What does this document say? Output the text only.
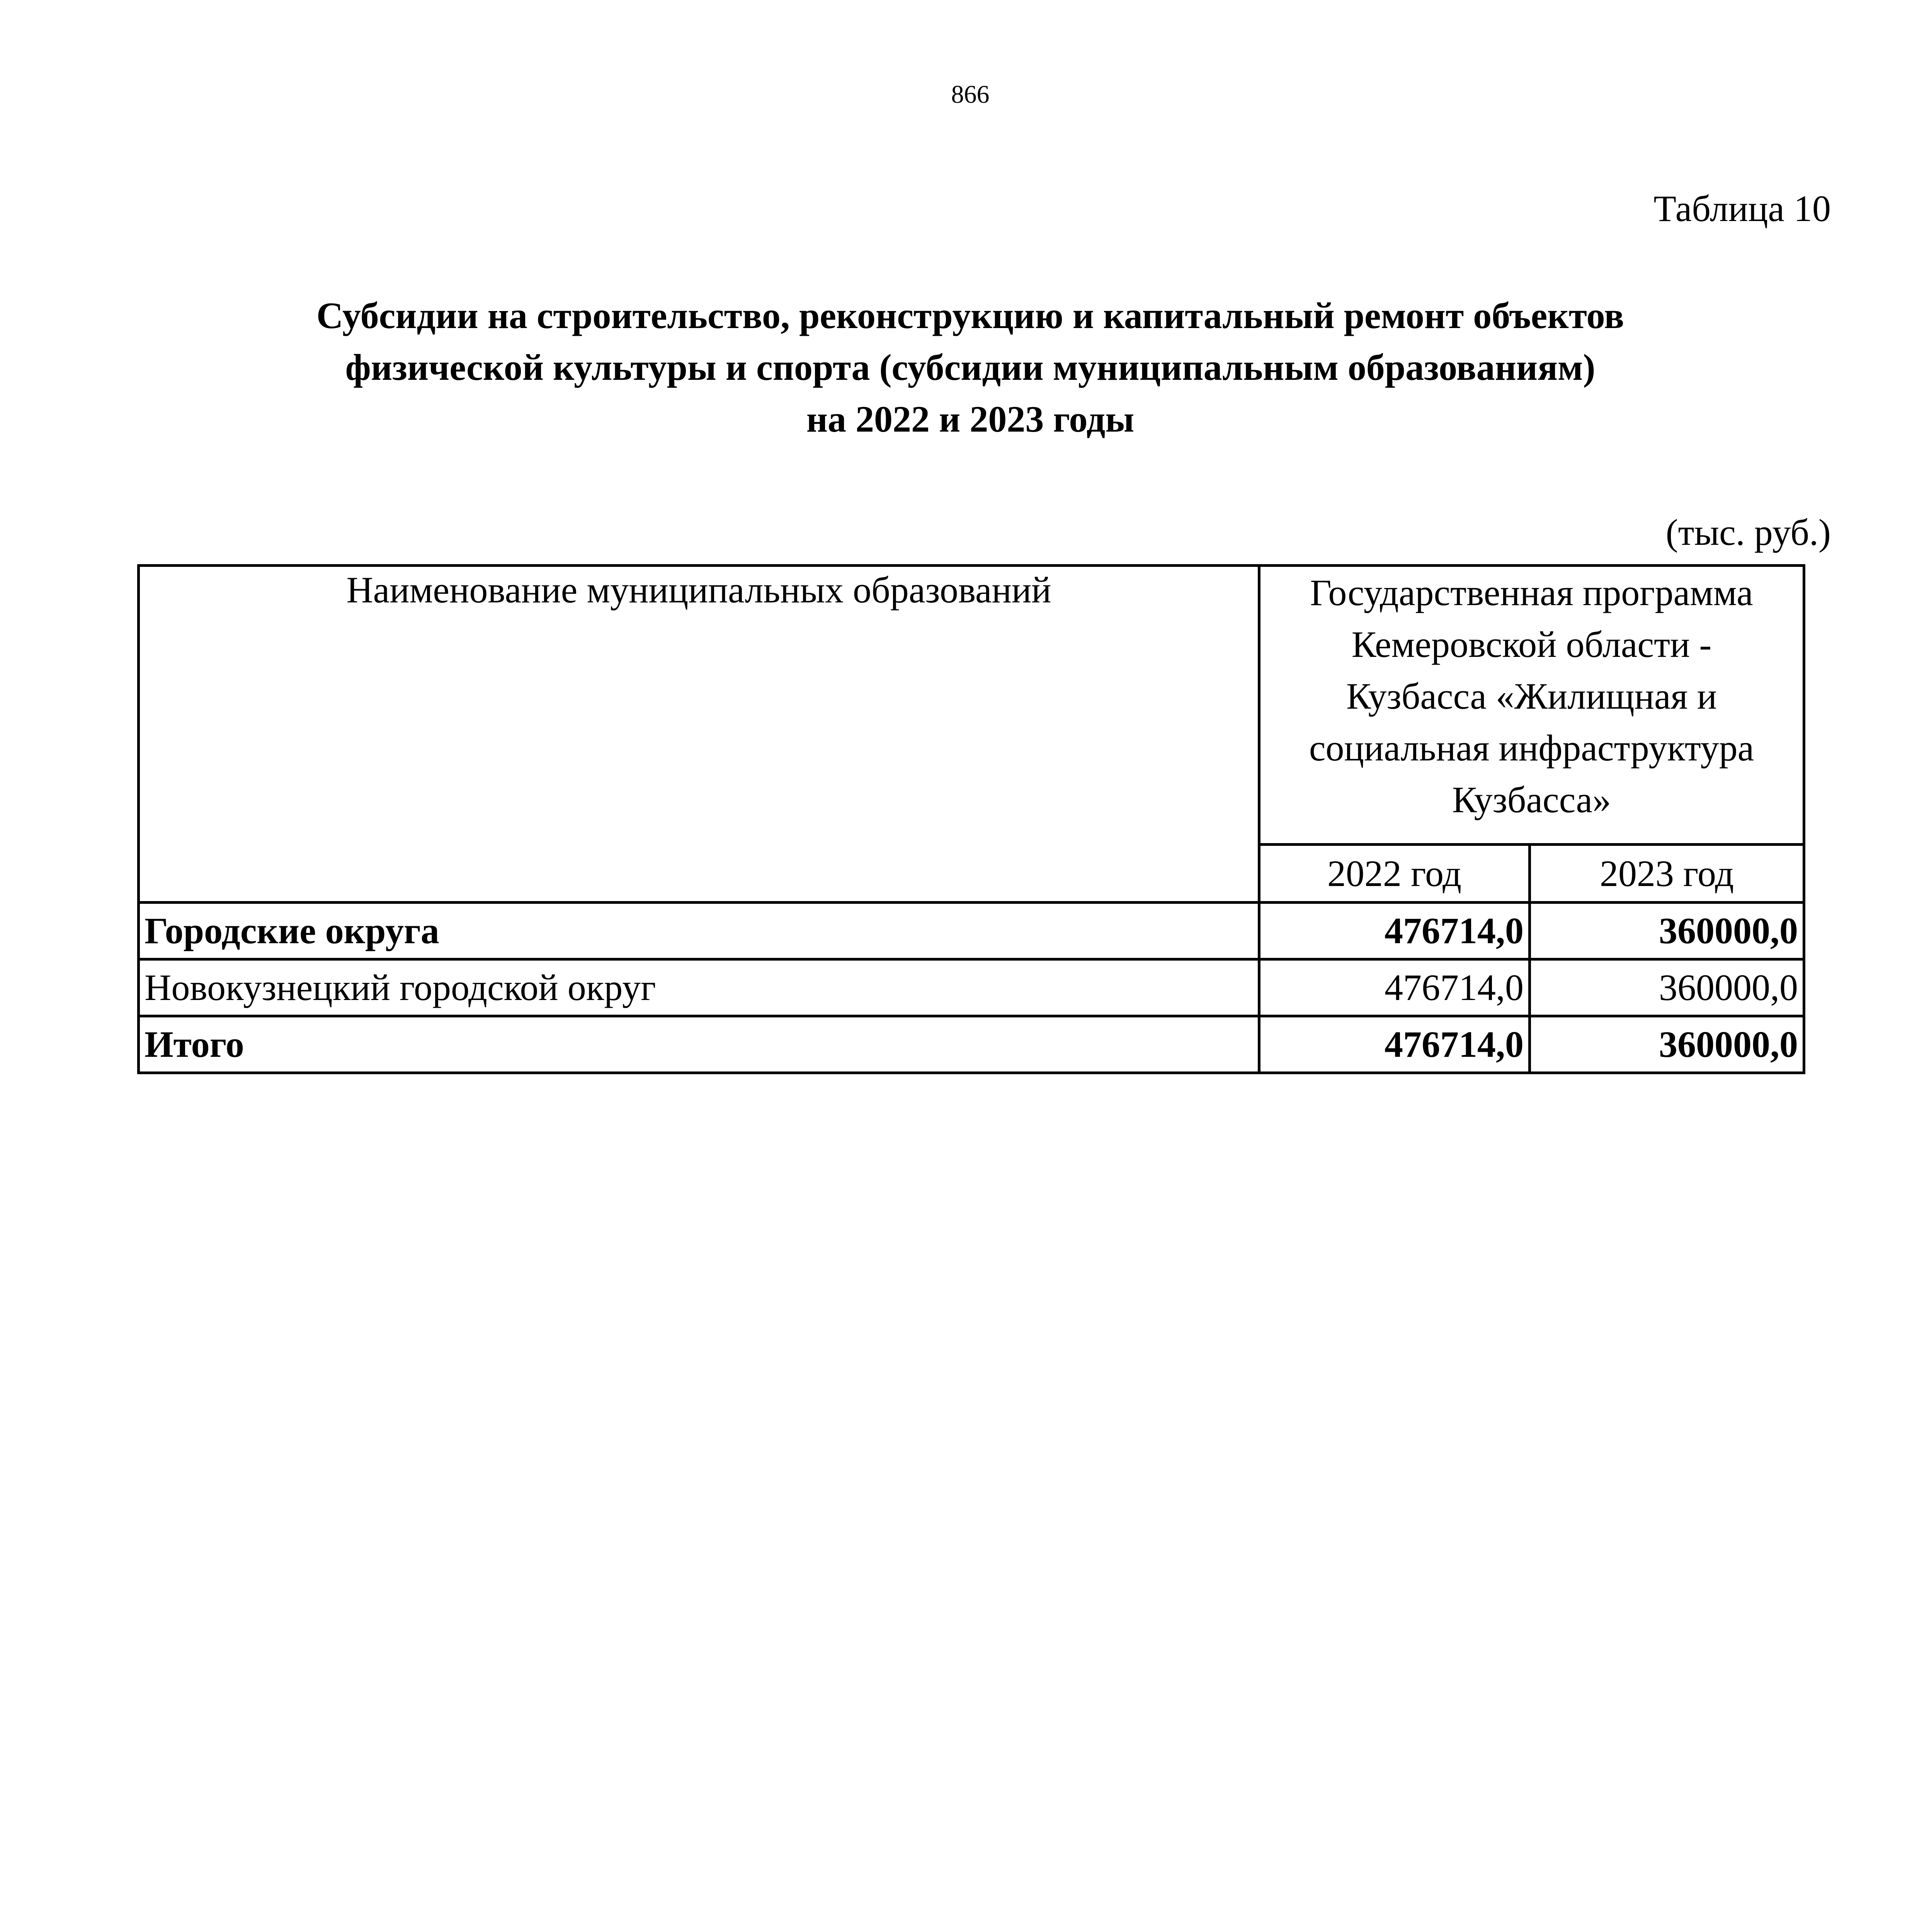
866
Таблица 10
Субсидии на строительство, реконструкцию и капитальный ремонт объектов
физической культуры и спорта (субсидии муниципальным образованиям)
на 2022 и 2023 годы
(тыс. руб.)
Наименование муниципальных образований	Государственная программа
Кемеровской области -
Кузбасса «Жилищная и
социальная инфраструктура
Кузбасса»	

	2022 год	2023 год
Городские округа	476714,0	360000,0
Новокузнецкий городской округ	476714,0	360000,0
Итого	476714,0	360000,0
